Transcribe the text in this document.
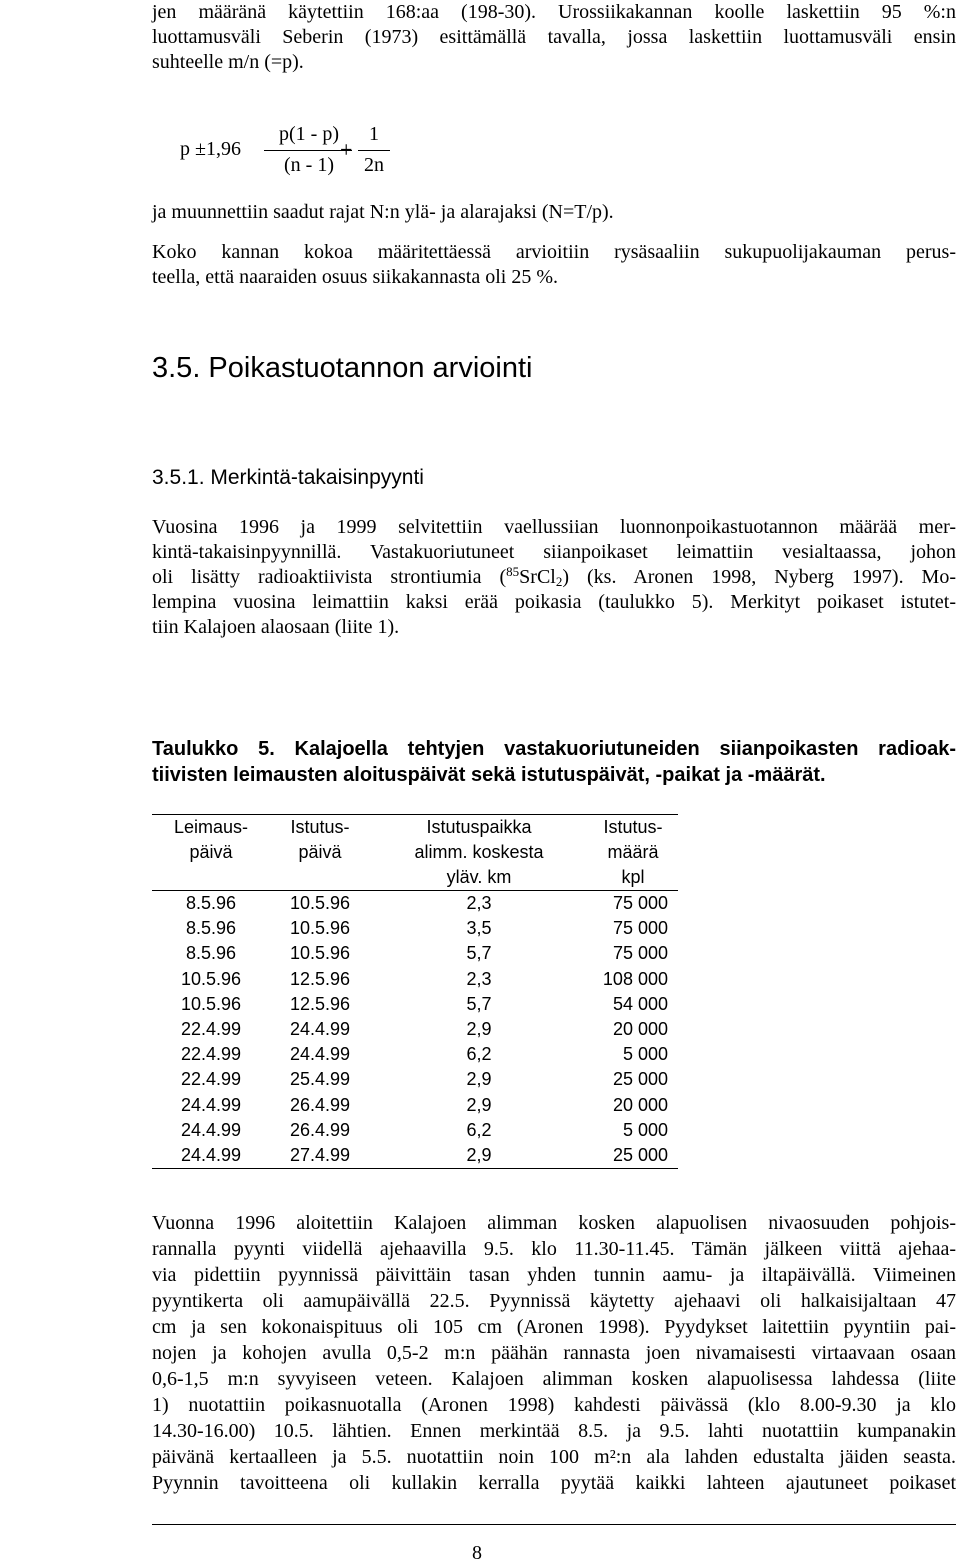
jen määränä käytettiin 168:aa (198-30). Urossiikakannan koolle laskettiin 95 %:n
luottamusväli Seberin (1973) esittämällä tavalla, jossa laskettiin luottamusväli ensin
suhteelle m/n (=p).
p ±1,96
p(1 - p)
(n - 1)
+
1
2n
ja muunnettiin saadut rajat N:n ylä- ja alarajaksi (N=T/p).
Koko kannan kokoa määritettäessä arvioitiin rysäsaaliin sukupuolijakauman perus-
teella, että naaraiden osuus siikakannasta oli 25 %.
3.5. Poikastuotannon arviointi
3.5.1. Merkintä-takaisinpyynti
Vuosina 1996 ja 1999 selvitettiin vaellussiian luonnonpoikastuotannon määrää mer-
kintä-takaisinpyynnillä. Vastakuoriutuneet siianpoikaset leimattiin vesialtaassa, johon
oli lisätty radioaktiivista strontiumia ($^{85}$SrCl$_2$) (ks. Aronen 1998, Nyberg 1997). Mo-
lempina vuosina leimattiin kaksi erää poikasia (taulukko 5). Merkityt poikaset istutet-
tiin Kalajoen alaosaan (liite 1).
Taulukko 5. Kalajoella tehtyjen vastakuoriutuneiden siianpoikasten radioak-
tiivisten leimausten aloituspäivät sekä istutuspäivät, -paikat ja -määrät.
Leimaus-
päivä	Istutus-
päivä	Istutuspaikka
alimm. koskesta
yläv. km	Istutus-
määrä
kpl

8.5.96	10.5.96	2,3	75 000
8.5.96	10.5.96	3,5	75 000
8.5.96	10.5.96	5,7	75 000
10.5.96	12.5.96	2,3	108 000
10.5.96	12.5.96	5,7	54 000
22.4.99	24.4.99	2,9	20 000
22.4.99	24.4.99	6,2	5 000
22.4.99	25.4.99	2,9	25 000
24.4.99	26.4.99	2,9	20 000
24.4.99	26.4.99	6,2	5 000
24.4.99	27.4.99	2,9	25 000
Vuonna 1996 aloitettiin Kalajoen alimman kosken alapuolisen nivaosuuden pohjois-
rannalla pyynti viidellä ajehaavilla 9.5. klo 11.30-11.45. Tämän jälkeen viittä ajehaa-
via pidettiin pyynnissä päivittäin tasan yhden tunnin aamu- ja iltapäivällä. Viimeinen
pyyntikerta oli aamupäivällä 22.5. Pyynnissä käytetty ajehaavi oli halkaisijaltaan 47
cm ja sen kokonaispituus oli 105 cm (Aronen 1998). Pyydykset laitettiin pyyntiin pai-
nojen ja kohojen avulla 0,5-2 m:n päähän rannasta joen nivamaisesti virtaavaan osaan
0,6-1,5 m:n syvyiseen veteen. Kalajoen alimman kosken alapuolisessa lahdessa (liite
1) nuotattiin poikasnuotalla (Aronen 1998) kahdesti päivässä (klo 8.00-9.30 ja klo
14.30-16.00) 10.5. lähtien. Ennen merkintää 8.5. ja 9.5. lahti nuotattiin kumpanakin
päivänä kertaalleen ja 5.5. nuotattiin noin 100 m²:n ala lahden edustalta jäiden seasta.
Pyynnin tavoitteena oli kullakin kerralla pyytää kaikki lahteen ajautuneet poikaset
8
